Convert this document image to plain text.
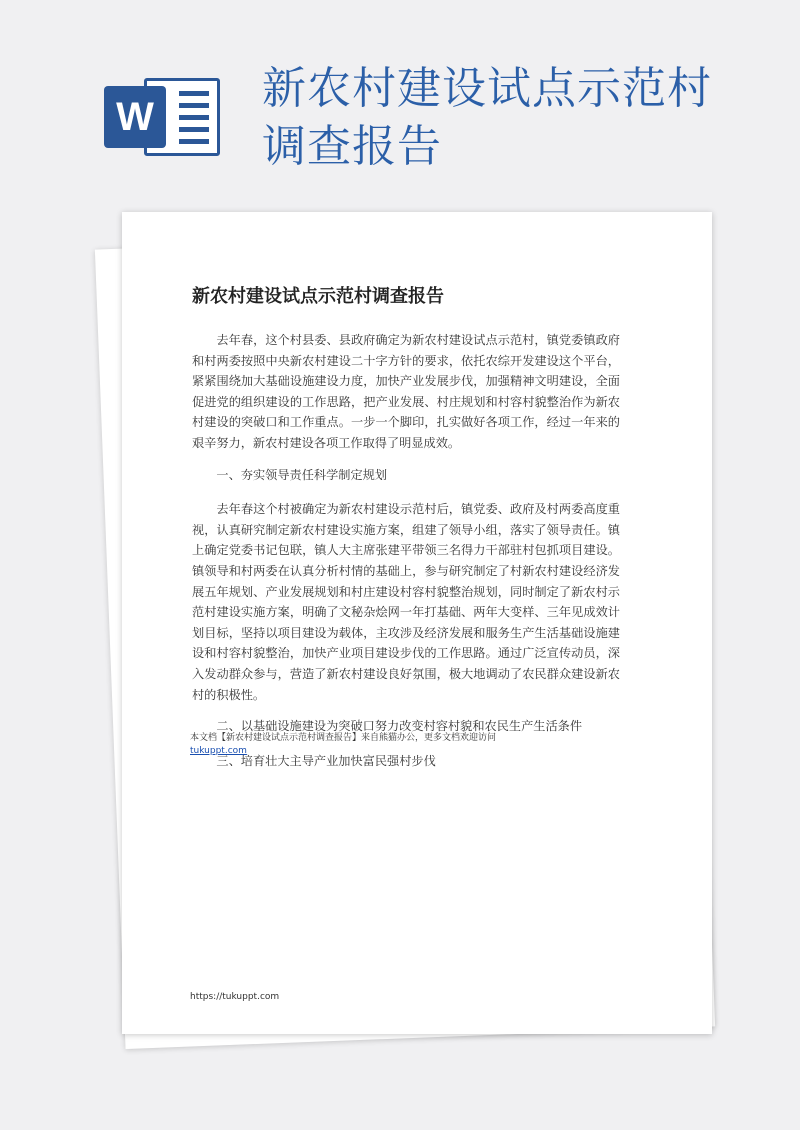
W
新农村建设试点示范村
调查报告
新农村建设试点示范村调查报告

去年春，这个村县委、县政府确定为新农村建设试点示范村，镇党委镇政府和村两委按照中央新农村建设二十字方针的要求，依托农综开发建设这个平台，紧紧围绕加大基础设施建设力度，加快产业发展步伐，加强精神文明建设，全面促进党的组织建设的工作思路，把产业发展、村庄规划和村容村貌整治作为新农村建设的突破口和工作重点。一步一个脚印，扎实做好各项工作，经过一年来的艰辛努力，新农村建设各项工作取得了明显成效。

一、夯实领导责任科学制定规划

去年春这个村被确定为新农村建设示范村后，镇党委、政府及村两委高度重视，认真研究制定新农村建设实施方案，组建了领导小组，落实了领导责任。镇上确定党委书记包联，镇人大主席张建平带领三名得力干部驻村包抓项目建设。镇领导和村两委在认真分析村情的基础上，参与研究制定了村新农村建设经济发展五年规划、产业发展规划和村庄建设村容村貌整治规划，同时制定了新农村示范村建设实施方案，明确了文秘杂烩网一年打基础、两年大变样、三年见成效计划目标，坚持以项目建设为载体，主攻涉及经济发展和服务生产生活基础设施建设和村容村貌整治，加快产业项目建设步伐的工作思路。通过广泛宣传动员，深入发动群众参与，营造了新农村建设良好氛围，极大地调动了农民群众建设新农村的积极性。

二、以基础设施建设为突破口努力改变村容村貌和农民生产生活条件

三、培育壮大主导产业加快富民强村步伐

本文档【新农村建设试点示范村调查报告】来自熊猫办公，更多文档欢迎访问
tukuppt.com
https://tukuppt.com
